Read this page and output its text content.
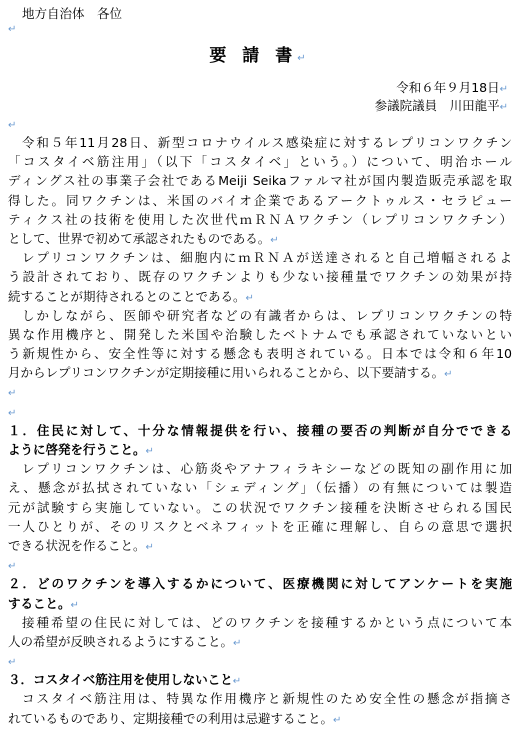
地方自治体　各位
↵
要 請 書↵
令和６年９月18日↵
参議院議員　川田龍平↵
↵
令和５年11月28日、新型コロナウイルス感染症に対するレプリコンワクチン
「コスタイベ筋注用」（以下「コスタイベ」という。）について、明治ホール
ディングス社の事業子会社であるMeiji Seikaファルマ社が国内製造販売承認を取
得した。同ワクチンは、米国のバイオ企業であるアークトゥルス・セラピュー
ティクス社の技術を使用した次世代ｍＲＮＡワクチン（レプリコンワクチン）
として、世界で初めて承認されたものである。↵
レプリコンワクチンは、細胞内にｍＲＮＡが送達されると自己増幅されるよ
う設計されており、既存のワクチンよりも少ない接種量でワクチンの効果が持
続することが期待されるとのことである。↵
しかしながら、医師や研究者などの有識者からは、レプリコンワクチンの特
異な作用機序と、開発した米国や治験したベトナムでも承認されていないとい
う新規性から、安全性等に対する懸念も表明されている。日本では令和６年10
月からレプリコンワクチンが定期接種に用いられることから、以下要請する。↵
↵
↵
１．住民に対して、十分な情報提供を行い、接種の要否の判断が自分でできる
ように啓発を行うこと。↵
レプリコンワクチンは、心筋炎やアナフィラキシーなどの既知の副作用に加
え、懸念が払拭されていない「シェディング」（伝播）の有無については製造
元が試験すら実施していない。この状況でワクチン接種を決断させられる国民
一人ひとりが、そのリスクとベネフィットを正確に理解し、自らの意思で選択
できる状況を作ること。↵
↵
２．どのワクチンを導入するかについて、医療機関に対してアンケートを実施
すること。↵
接種希望の住民に対しては、どのワクチンを接種するかという点について本
人の希望が反映されるようにすること。↵
↵
３．コスタイベ筋注用を使用しないこと↵
コスタイベ筋注用は、特異な作用機序と新規性のため安全性の懸念が指摘さ
れているものであり、定期接種での利用は忌避すること。↵
